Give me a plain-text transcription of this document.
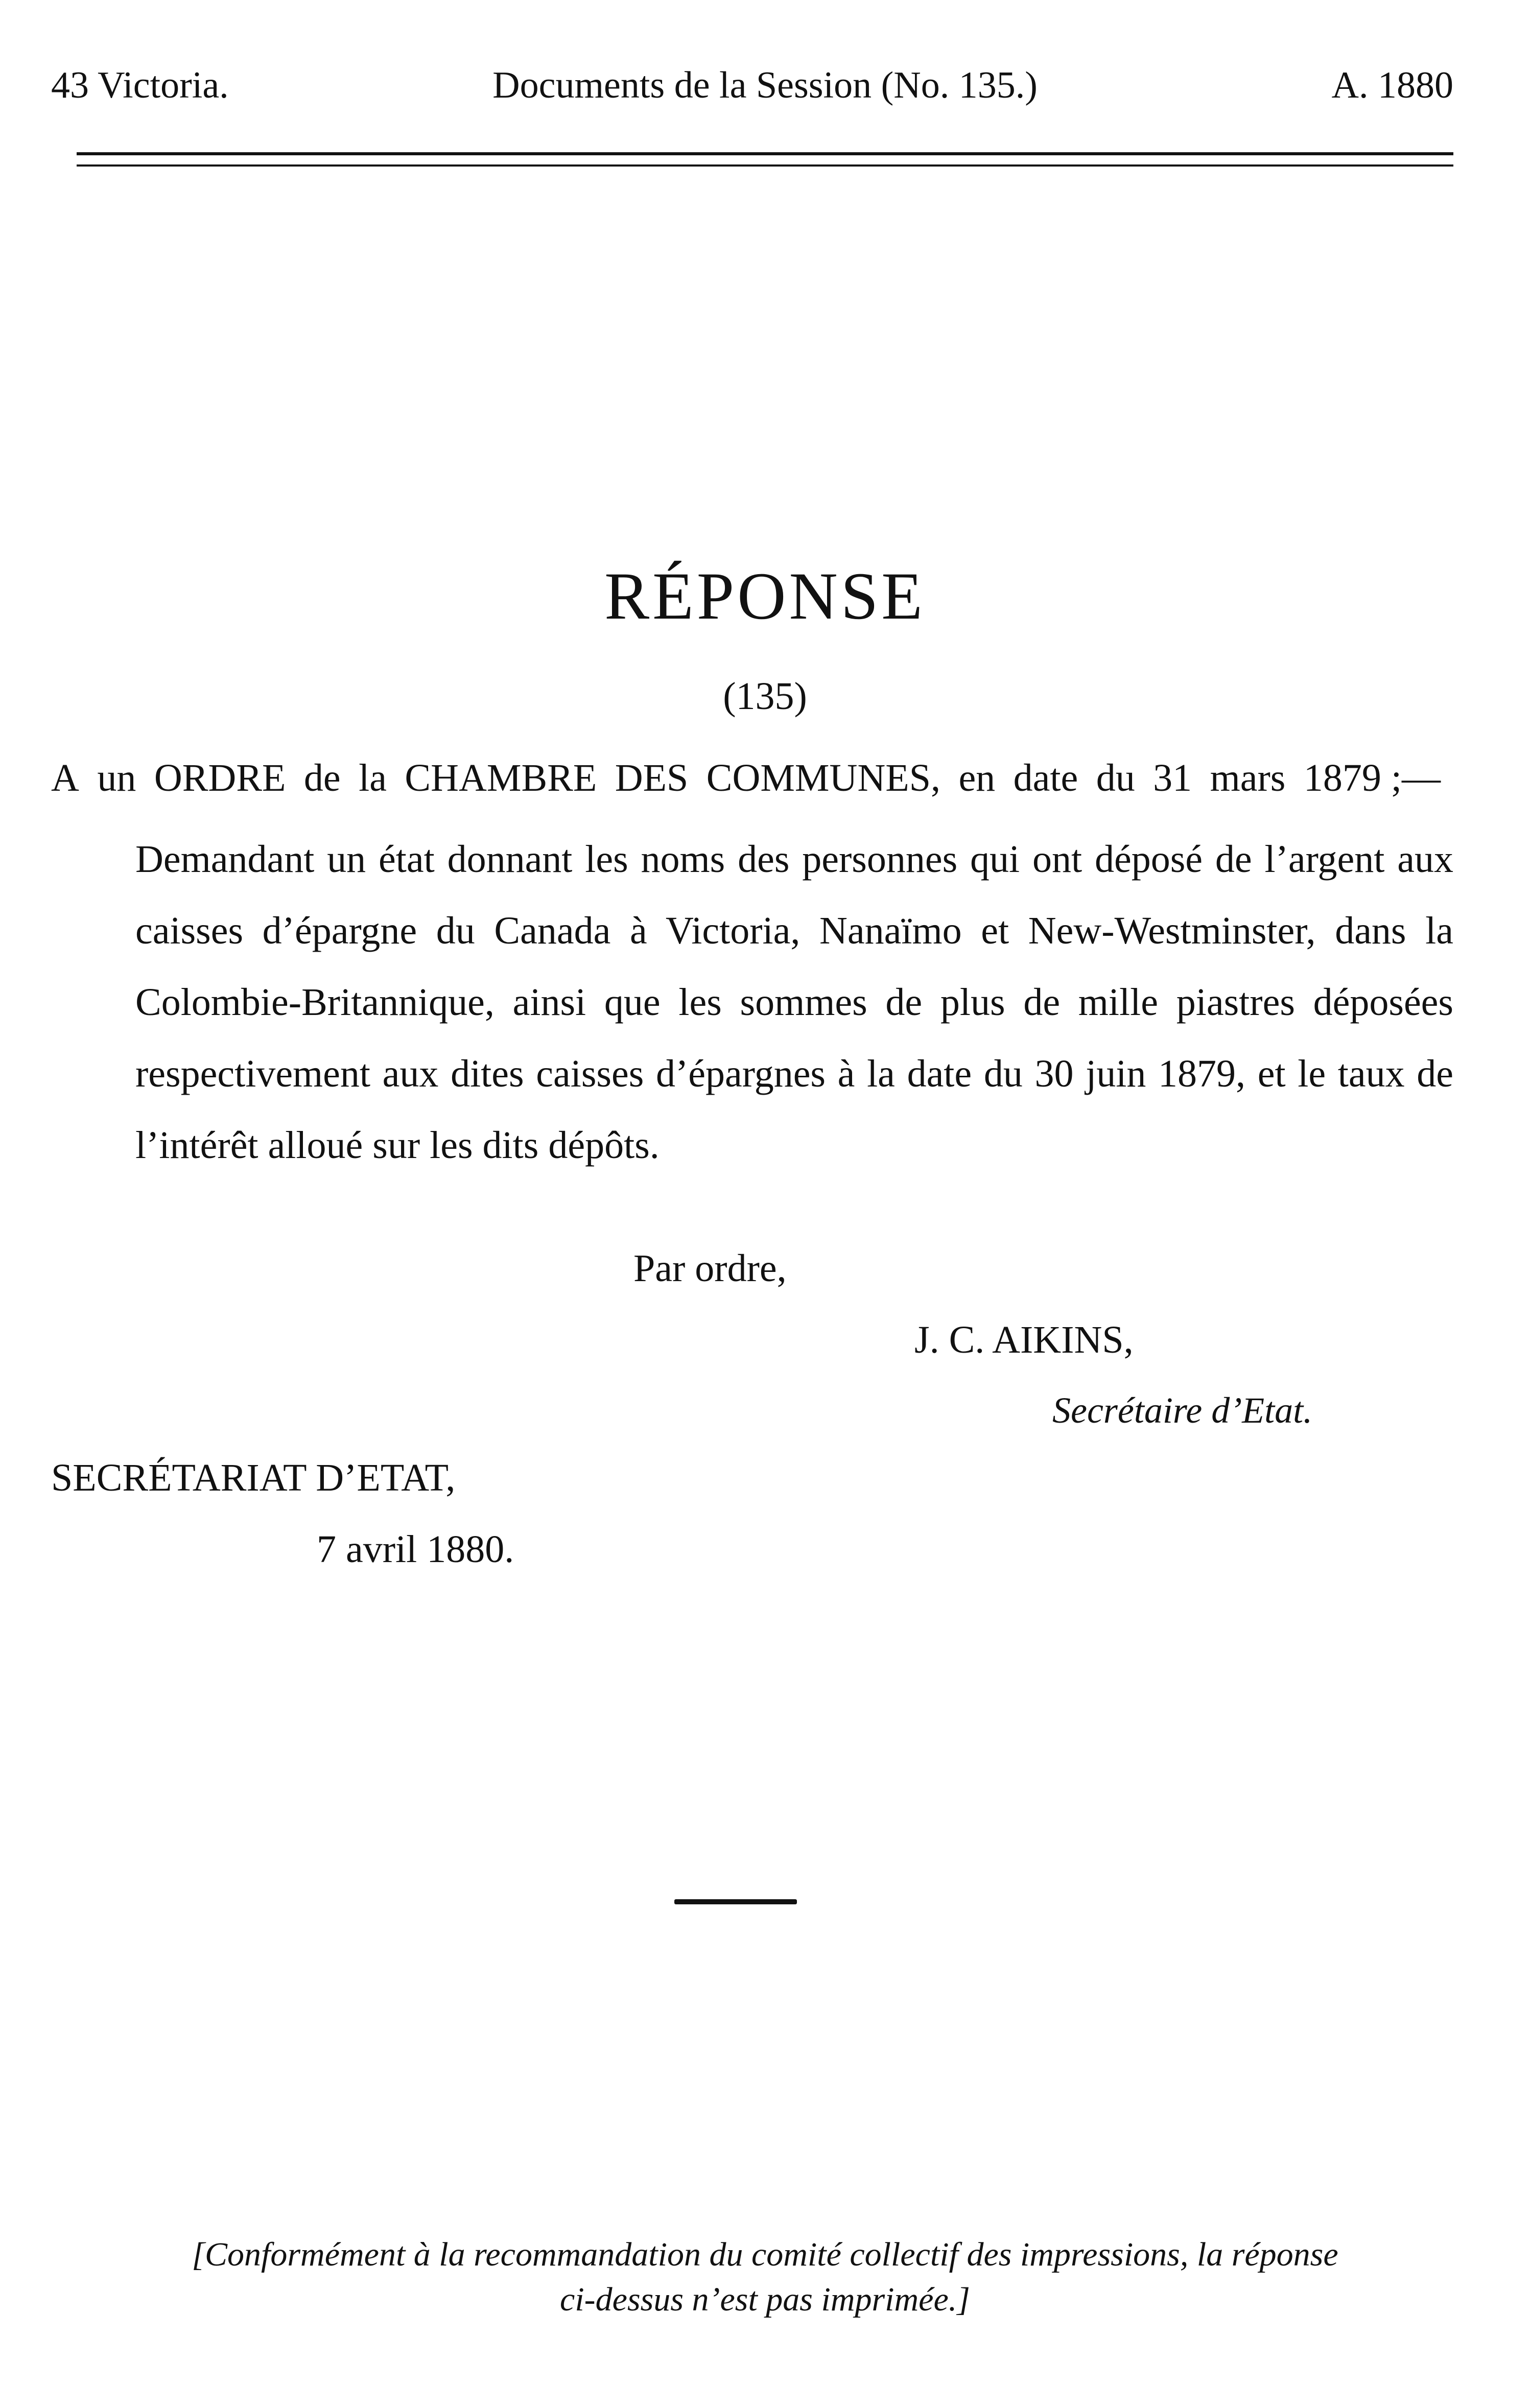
43 Victoria.	Documents de la Session (No. 135.)	A. 1880
RÉPONSE
(135)
A un ORDRE de la CHAMBRE DES COMMUNES, en date du 31 mars 1879 ;—
Demandant un état donnant les noms des personnes qui ont déposé de l’argent aux caisses d’épargne du Canada à Victoria, Nanaïmo et New-Westminster, dans la Colombie-Britannique, ainsi que les sommes de plus de mille piastres déposées respectivement aux dites caisses d’épargnes à la date du 30 juin 1879, et le taux de l’intérêt alloué sur les dits dépôts.
Par ordre,
J. C. AIKINS,
Secrétaire d’Etat.
SECRÉTARIAT D’ETAT,
7 avril 1880.
[Conformément à la recommandation du comité collectif des impressions, la réponse
ci-dessus n’est pas imprimée.]
